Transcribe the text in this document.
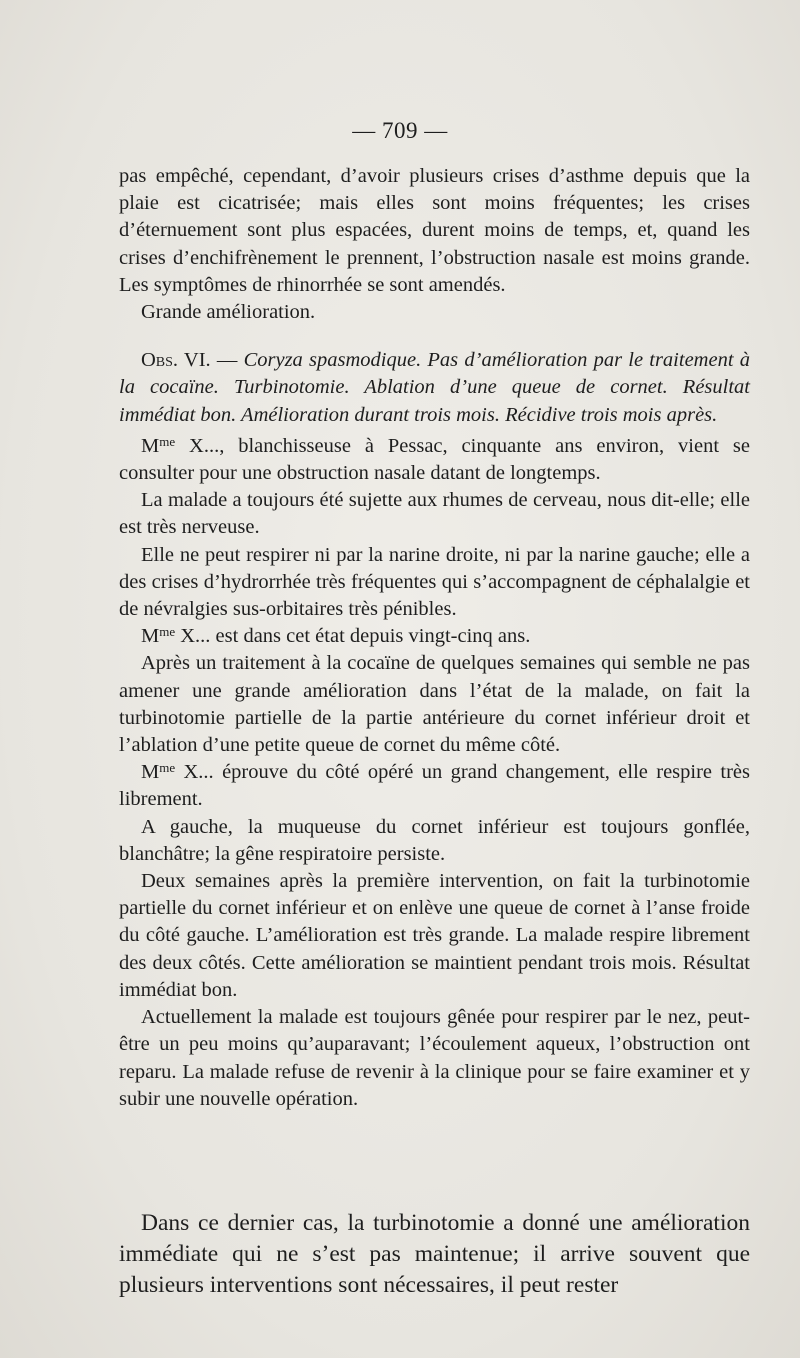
— 709 —

pas empêché, cependant, d’avoir plusieurs crises d’asthme depuis que la plaie est cicatrisée; mais elles sont moins fréquentes; les crises d’éternuement sont plus espacées, durent moins de temps, et, quand les crises d’enchifrènement le prennent, l’obstruction nasale est moins grande. Les symptômes de rhinorrhée se sont amendés.

Grande amélioration.

Obs. VI. — Coryza spasmodique. Pas d’amélioration par le traitement à la cocaïne. Turbinotomie. Ablation d’une queue de cornet. Résultat immédiat bon. Amélioration durant trois mois. Récidive trois mois après.

$M^{me}$ X..., blanchisseuse à Pessac, cinquante ans environ, vient se consulter pour une obstruction nasale datant de longtemps.

La malade a toujours été sujette aux rhumes de cerveau, nous dit-elle; elle est très nerveuse.

Elle ne peut respirer ni par la narine droite, ni par la narine gauche; elle a des crises d’hydrorrhée très fréquentes qui s’accompagnent de céphalalgie et de névralgies sus-orbitaires très pénibles.

$M^{me}$ X... est dans cet état depuis vingt-cinq ans.

Après un traitement à la cocaïne de quelques semaines qui semble ne pas amener une grande amélioration dans l’état de la malade, on fait la turbinotomie partielle de la partie antérieure du cornet inférieur droit et l’ablation d’une petite queue de cornet du même côté.

$M^{me}$ X... éprouve du côté opéré un grand changement, elle respire très librement.

A gauche, la muqueuse du cornet inférieur est toujours gonflée, blanchâtre; la gêne respiratoire persiste.

Deux semaines après la première intervention, on fait la turbinotomie partielle du cornet inférieur et on enlève une queue de cornet à l’anse froide du côté gauche. L’amélioration est très grande. La malade respire librement des deux côtés. Cette amélioration se maintient pendant trois mois. Résultat immédiat bon.

Actuellement la malade est toujours gênée pour respirer par le nez, peut-être un peu moins qu’auparavant; l’écoulement aqueux, l’obstruction ont reparu. La malade refuse de revenir à la clinique pour se faire examiner et y subir une nouvelle opération.

Dans ce dernier cas, la turbinotomie a donné une amélioration immédiate qui ne s’est pas maintenue; il arrive souvent que plusieurs interventions sont nécessaires, il peut rester
